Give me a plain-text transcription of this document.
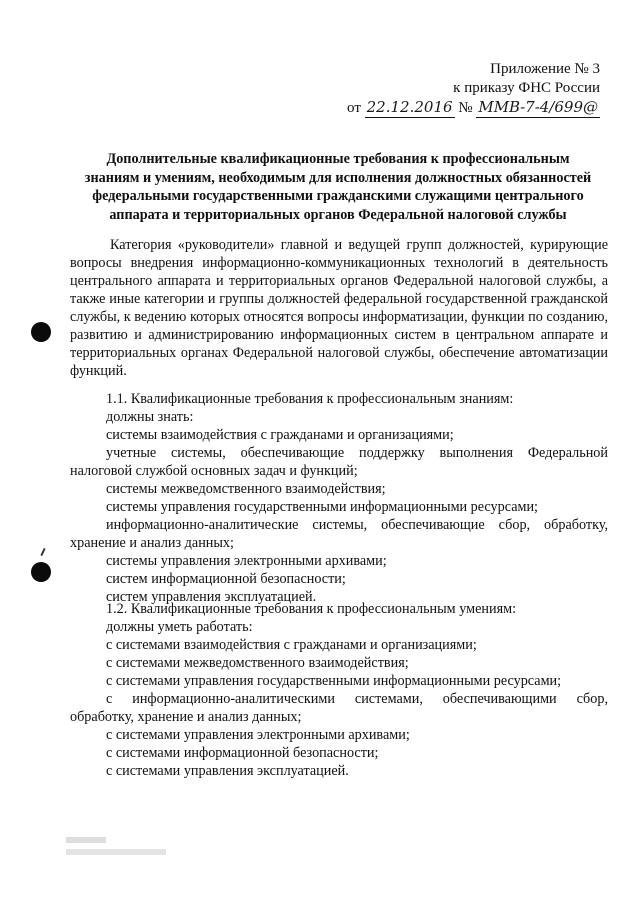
Приложение № 3
к приказу ФНС России
от 22.12.2016 № ММВ-7-4/699@
Дополнительные квалификационные требования к профессиональным знаниям и умениям, необходимым для исполнения должностных обязанностей федеральными государственными гражданскими служащими центрального аппарата и территориальных органов Федеральной налоговой службы

Категория «руководители» главной и ведущей групп должностей, курирующие вопросы внедрения информационно-коммуникационных технологий в деятельность центрального аппарата и территориальных органов Федеральной налоговой службы, а также иные категории и группы должностей федеральной государственной гражданской службы, к ведению которых относятся вопросы информатизации, функции по созданию, развитию и администрированию информационных систем в центральном аппарате и территориальных органах Федеральной налоговой службы, обеспечение автоматизации функций.

1.1. Квалификационные требования к профессиональным знаниям:

должны знать:

системы взаимодействия с гражданами и организациями;

учетные системы, обеспечивающие поддержку выполнения Федеральной налоговой службой основных задач и функций;

системы межведомственного взаимодействия;

системы управления государственными информационными ресурсами;

информационно-аналитические системы, обеспечивающие сбор, обработку, хранение и анализ данных;

системы управления электронными архивами;

систем информационной безопасности;

систем управления эксплуатацией.

1.2. Квалификационные требования к профессиональным умениям:

должны уметь работать:

с системами взаимодействия с гражданами и организациями;

с системами межведомственного взаимодействия;

с системами управления государственными информационными ресурсами;

с информационно-аналитическими системами, обеспечивающими сбор, обработку, хранение и анализ данных;

с системами управления электронными архивами;

с системами информационной безопасности;

с системами управления эксплуатацией.
